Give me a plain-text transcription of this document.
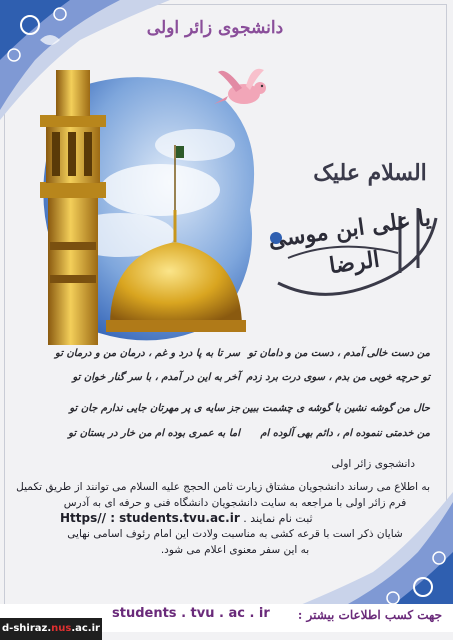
دانشجوی زائر اولی
السلام علیک
یا علی ابن موسی
الرضا
من دست خالی آمدم ، دست من و دامان تو
سر تا به پا درد و غم ، درمان من و درمان تو
تو حرچه خوبی من بدم ، سوی درت برد زدم
آخر به این در آمدم ، با سر گنار خوان تو
حال من گوشه نشین با گوشه ی چشمت ببین
جز سایه ی پر مهرتان جایی ندارم جان تو
من خدمتی ننموده ام ، دائم بهی آلوده ام
اما به عمری بوده ام من خار در بستان تو
دانشجوی زائر اولی
به اطلاع می رساند دانشجویان مشتاق زیارت ثامن الحجج علیه السلام می توانند از طریق تکمیل
فرم زائر اولی با مراجعه به سایت دانشجویان دانشگاه فنی و حرفه ای به آدرس
Https// : students.tvu.ac.ir ثبت نام نمایند .
شایان ذکر است با قرعه کشی به مناسبت ولادت این امام رئوف اسامی نهایی
به این سفر معنوی اعلام می شود.
students . tvu . ac . ir	جهت کسب اطلاعات بیشتر :
d-shiraz.nus.ac.ir
